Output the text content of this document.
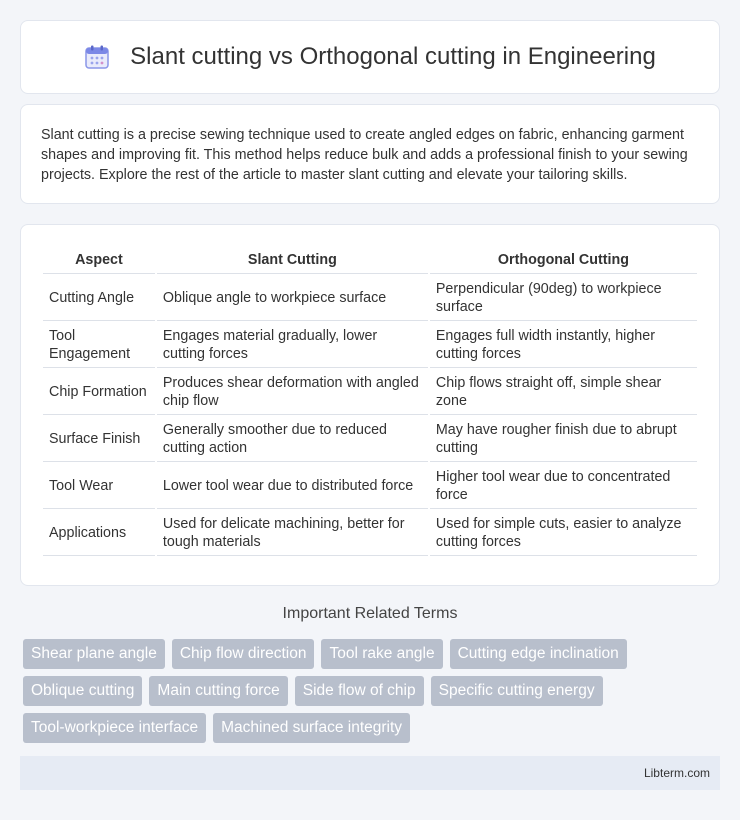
Slant cutting vs Orthogonal cutting in Engineering

Slant cutting is a precise sewing technique used to create angled edges on fabric, enhancing garment shapes and improving fit. This method helps reduce bulk and adds a professional finish to your sewing projects. Explore the rest of the article to master slant cutting and elevate your tailoring skills.

Aspect	Slant Cutting	Orthogonal Cutting
Cutting Angle	Oblique angle to workpiece surface	Perpendicular (90deg) to workpiece surface
Tool Engagement	Engages material gradually, lower cutting forces	Engages full width instantly, higher cutting forces
Chip Formation	Produces shear deformation with angled chip flow	Chip flows straight off, simple shear zone
Surface Finish	Generally smoother due to reduced cutting action	May have rougher finish due to abrupt cutting
Tool Wear	Lower tool wear due to distributed force	Higher tool wear due to concentrated force
Applications	Used for delicate machining, better for tough materials	Used for simple cuts, easier to analyze cutting forces
Important Related Terms
Shear plane angle	Chip flow direction	Tool rake angle	Cutting edge inclination
Oblique cutting	Main cutting force	Side flow of chip	Specific cutting energy
Tool-workpiece interface	Machined surface integrity
Libterm.com
